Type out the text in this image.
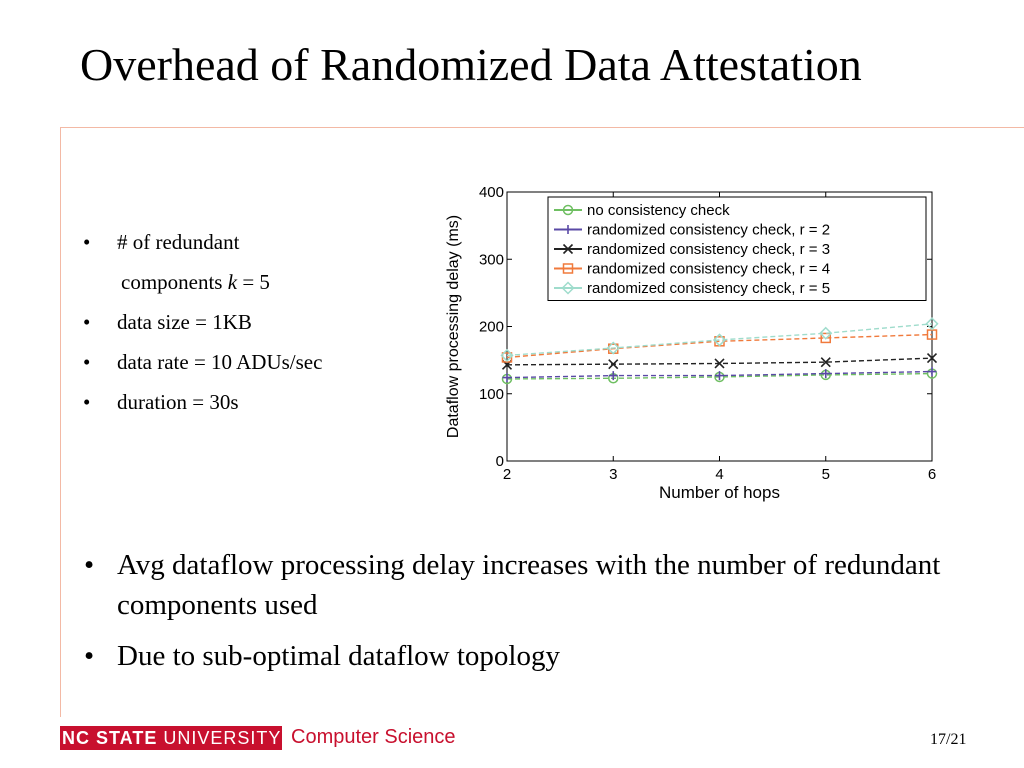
Overhead of Randomized Data Attestation
• # of redundant
components k = 5
• data size = 1KB
• data rate = 10 ADUs/sec
• duration = 30s
0
100
200
300
400
2	3	4	5	6
Number of hops
Dataflow processing delay (ms)
no consistency check
randomized consistency check, r = 2
randomized consistency check, r = 3
randomized consistency check, r = 4
randomized consistency check, r = 5
• Avg dataflow processing delay increases with the number of redundant components used
• Due to sub-optimal dataflow topology
NC STATE UNIVERSITY Computer Science	17/21
